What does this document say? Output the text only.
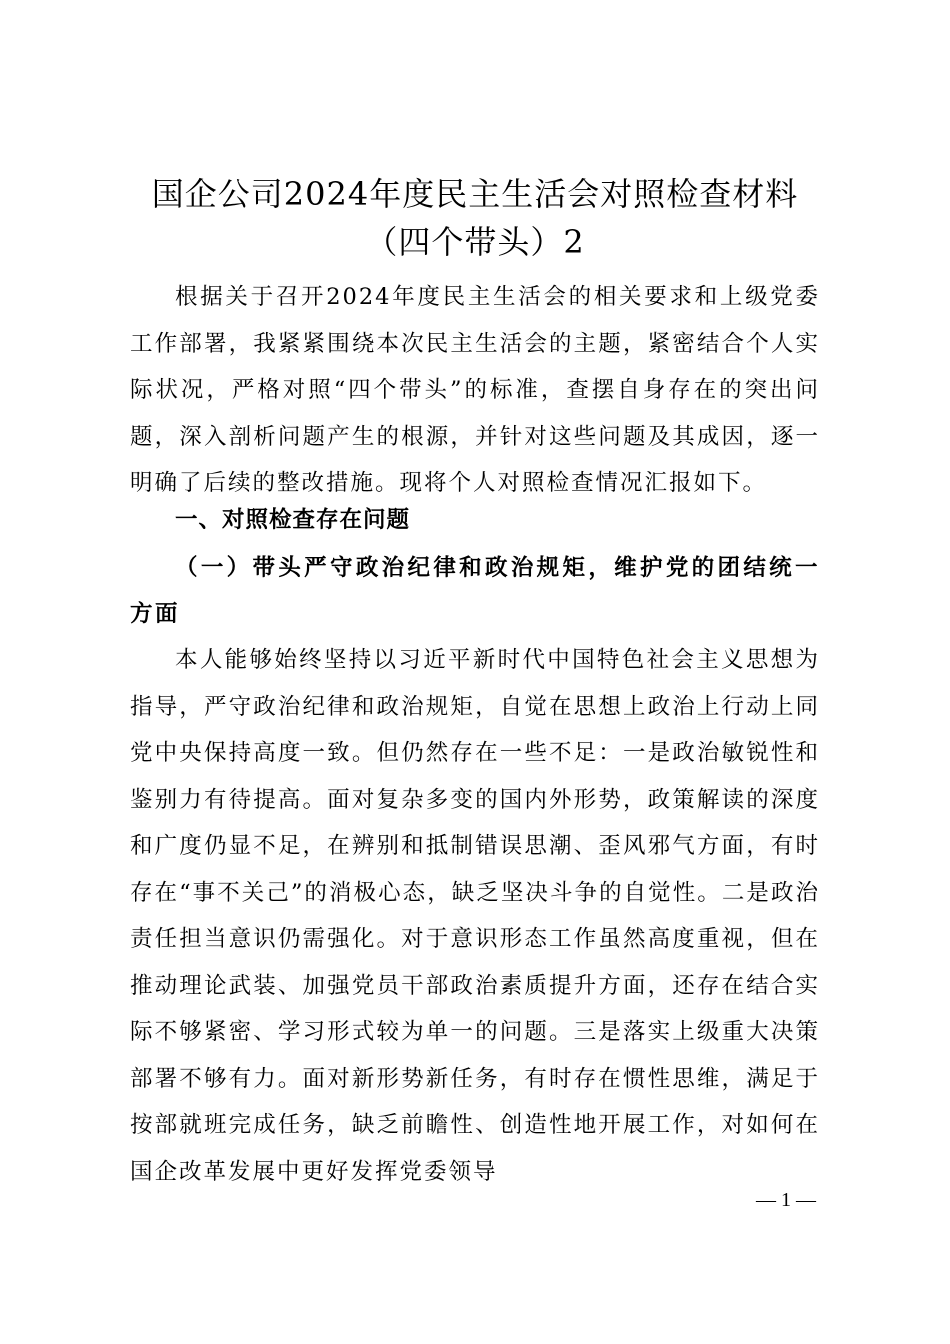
国企公司2024年度民主生活会对照检查材料
（四个带头）2

根据关于召开2024年度民主生活会的相关要求和上级党委工作部署，我紧紧围绕本次民主生活会的主题，紧密结合个人实际状况，严格对照“四个带头”的标准，查摆自身存在的突出问题，深入剖析问题产生的根源，并针对这些问题及其成因，逐一明确了后续的整改措施。现将个人对照检查情况汇报如下。

一、对照检查存在问题

（一）带头严守政治纪律和政治规矩，维护党的团结统一方面

本人能够始终坚持以习近平新时代中国特色社会主义思想为指导，严守政治纪律和政治规矩，自觉在思想上政治上行动上同党中央保持高度一致。但仍然存在一些不足：一是政治敏锐性和鉴别力有待提高。面对复杂多变的国内外形势，政策解读的深度和广度仍显不足，在辨别和抵制错误思潮、歪风邪气方面，有时存在“事不关己”的消极心态，缺乏坚决斗争的自觉性。二是政治责任担当意识仍需强化。对于意识形态工作虽然高度重视，但在推动理论武装、加强党员干部政治素质提升方面，还存在结合实际不够紧密、学习形式较为单一的问题。三是落实上级重大决策部署不够有力。面对新形势新任务，有时存在惯性思维，满足于按部就班完成任务，缺乏前瞻性、创造性地开展工作，对如何在国企改革发展中更好发挥党委领导

— 1 —
